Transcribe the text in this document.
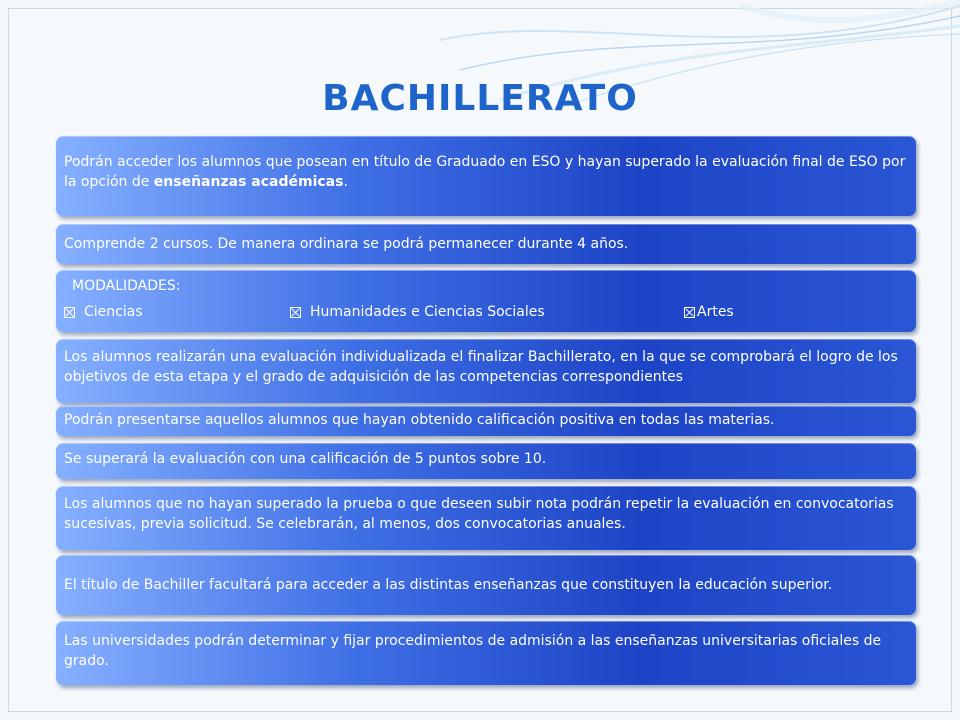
BACHILLERATO
Podrán acceder los alumnos que posean en título de Graduado en ESO y hayan superado la evaluación final de ESO por la opción de enseñanzas académicas.
Comprende 2 cursos. De manera ordinara se podrá permanecer durante 4 años.
MODALIDADES:
Ciencias	Humanidades e Ciencias Sociales	Artes
Los alumnos realizarán una evaluación individualizada el finalizar Bachillerato, en la que se comprobará el logro de los objetivos de esta etapa y el grado de adquisición de las competencias correspondientes
Podrán presentarse aquellos alumnos que hayan obtenido calificación positiva en todas las materias.
Se superará la evaluación con una calificación de 5 puntos sobre 10.
Los alumnos que no hayan superado la prueba o que deseen subir nota podrán repetir la evaluación en convocatorias sucesivas, previa solicitud. Se celebrarán, al menos, dos convocatorias anuales.
El título de Bachiller facultará para acceder a las distintas enseñanzas que constituyen la educación superior.
Las universidades podrán determinar y fijar procedimientos de admisión a las enseñanzas universitarias oficiales de grado.
